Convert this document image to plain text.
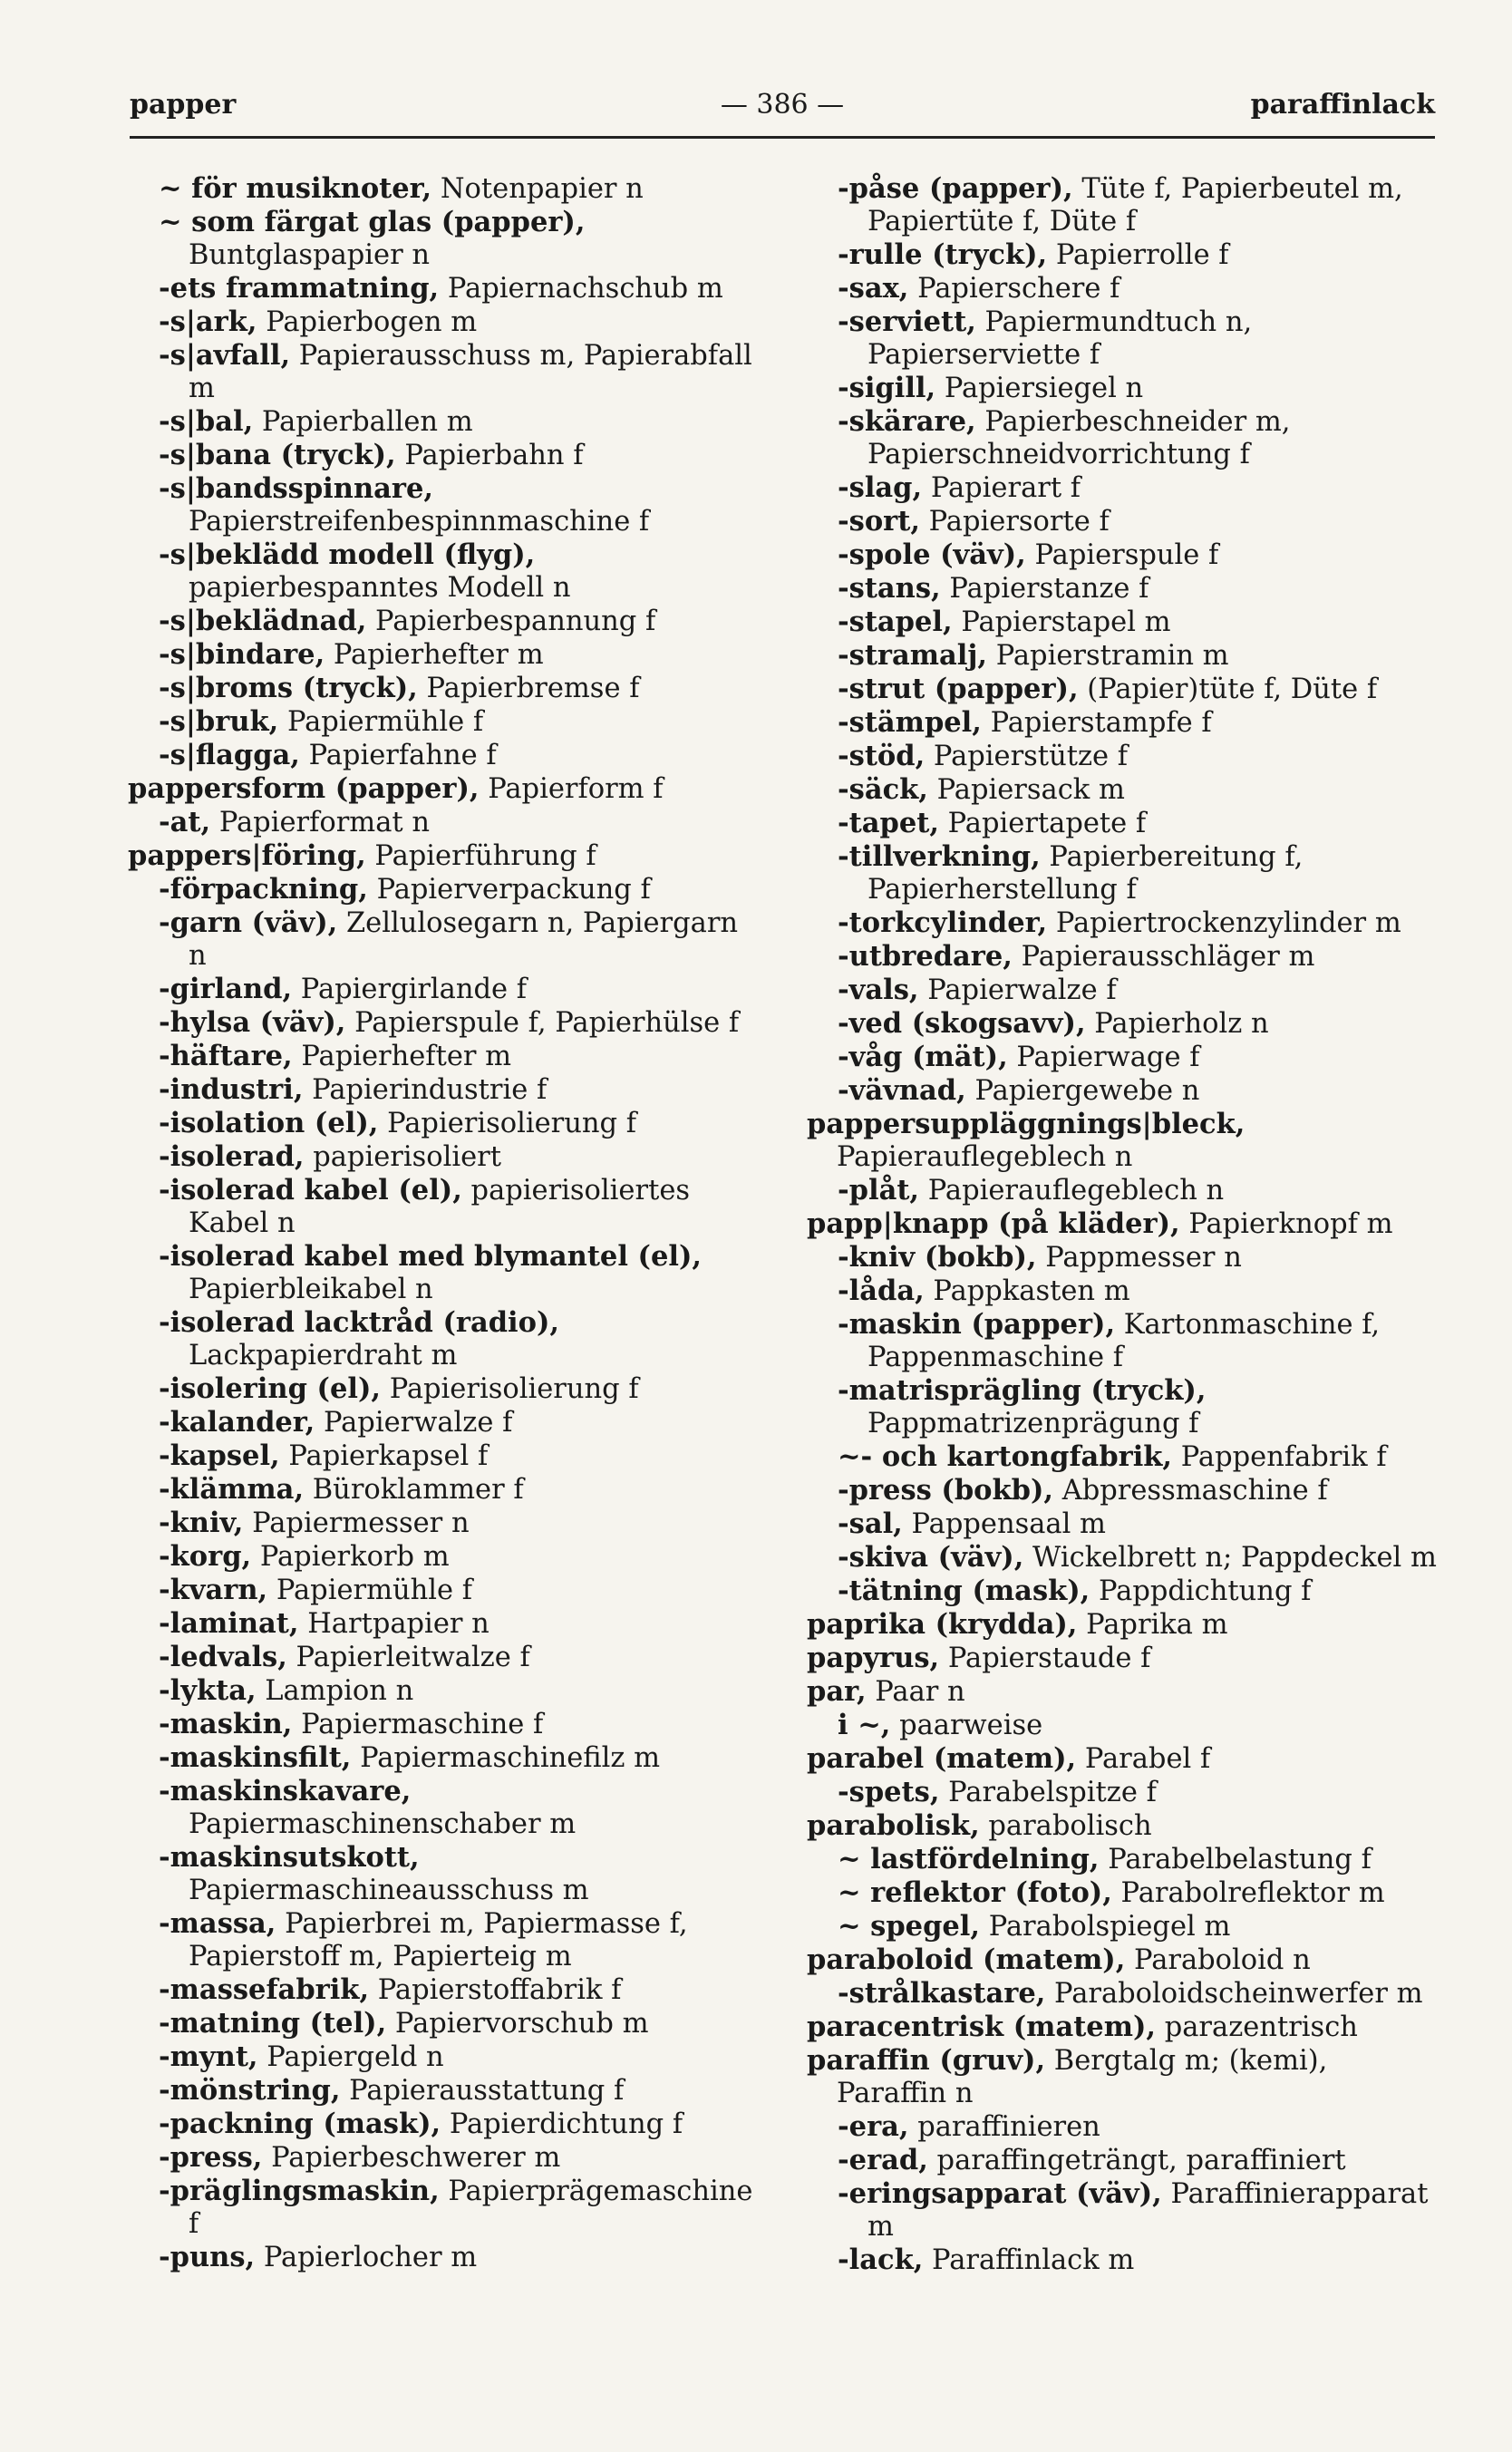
papper	— 386 —	paraffinlack

~ för musiknoter, Notenpapier n

~ som färgat glas (papper), Buntglaspapier n

-ets frammatning, Papiernachschub m

-s|ark, Papierbogen m

-s|avfall, Papierausschuss m, Papierabfall m

-s|bal, Papierballen m

-s|bana (tryck), Papierbahn f

-s|bandsspinnare, Papierstreifenbespinnmaschine f

-s|beklädd modell (flyg), papierbespanntes Modell n

-s|beklädnad, Papierbespannung f

-s|bindare, Papierhefter m

-s|broms (tryck), Papierbremse f

-s|bruk, Papiermühle f

-s|flagga, Papierfahne f

pappersform (papper), Papierform f

-at, Papierformat n

pappers|föring, Papierführung f

-förpackning, Papierverpackung f

-garn (väv), Zellulosegarn n, Papiergarn n

-girland, Papiergirlande f

-hylsa (väv), Papierspule f, Papierhülse f

-häftare, Papierhefter m

-industri, Papierindustrie f

-isolation (el), Papierisolierung f

-isolerad, papierisoliert

-isolerad kabel (el), papierisoliertes Kabel n

-isolerad kabel med blymantel (el), Papierbleikabel n

-isolerad lacktråd (radio), Lackpapierdraht m

-isolering (el), Papierisolierung f

-kalander, Papierwalze f

-kapsel, Papierkapsel f

-klämma, Büroklammer f

-kniv, Papiermesser n

-korg, Papierkorb m

-kvarn, Papiermühle f

-laminat, Hartpapier n

-ledvals, Papierleitwalze f

-lykta, Lampion n

-maskin, Papiermaschine f

-maskinsfilt, Papiermaschinefilz m

-maskinskavare, Papiermaschinenschaber m

-maskinsutskott, Papiermaschineausschuss m

-massa, Papierbrei m, Papiermasse f, Papierstoff m, Papierteig m

-massefabrik, Papierstoffabrik f

-matning (tel), Papiervorschub m

-mynt, Papiergeld n

-mönstring, Papierausstattung f

-packning (mask), Papierdichtung f

-press, Papierbeschwerer m

-präglingsmaskin, Papierprägemaschine f

-puns, Papierlocher m

-påse (papper), Tüte f, Papierbeutel m, Papiertüte f, Düte f

-rulle (tryck), Papierrolle f

-sax, Papierschere f

-serviett, Papiermundtuch n, Papierserviette f

-sigill, Papiersiegel n

-skärare, Papierbeschneider m, Papierschneidvorrichtung f

-slag, Papierart f

-sort, Papiersorte f

-spole (väv), Papierspule f

-stans, Papierstanze f

-stapel, Papierstapel m

-stramalj, Papierstramin m

-strut (papper), (Papier)tüte f, Düte f

-stämpel, Papierstampfe f

-stöd, Papierstütze f

-säck, Papiersack m

-tapet, Papiertapete f

-tillverkning, Papierbereitung f, Papierherstellung f

-torkcylinder, Papiertrockenzylinder m

-utbredare, Papierausschläger m

-vals, Papierwalze f

-ved (skogsavv), Papierholz n

-våg (mät), Papierwage f

-vävnad, Papiergewebe n

pappersuppläggnings|bleck, Papierauflegeblech n

-plåt, Papierauflegeblech n

papp|knapp (på kläder), Papierknopf m

-kniv (bokb), Pappmesser n

-låda, Pappkasten m

-maskin (papper), Kartonmaschine f, Pappenmaschine f

-matrisprägling (tryck), Pappmatrizenprägung f

~- och kartongfabrik, Pappenfabrik f

-press (bokb), Abpressmaschine f

-sal, Pappensaal m

-skiva (väv), Wickelbrett n; Pappdeckel m

-tätning (mask), Pappdichtung f

paprika (krydda), Paprika m

papyrus, Papierstaude f

par, Paar n

i ~, paarweise

parabel (matem), Parabel f

-spets, Parabelspitze f

parabolisk, parabolisch

~ lastfördelning, Parabelbelastung f

~ reflektor (foto), Parabolreflektor m

~ spegel, Parabolspiegel m

paraboloid (matem), Paraboloid n

-strålkastare, Paraboloidscheinwerfer m

paracentrisk (matem), parazentrisch

paraffin (gruv), Bergtalg m; (kemi), Paraffin n

-era, paraffinieren

-erad, paraffingeträngt, paraffiniert

-eringsapparat (väv), Paraffinierapparat m

-lack, Paraffinlack m
